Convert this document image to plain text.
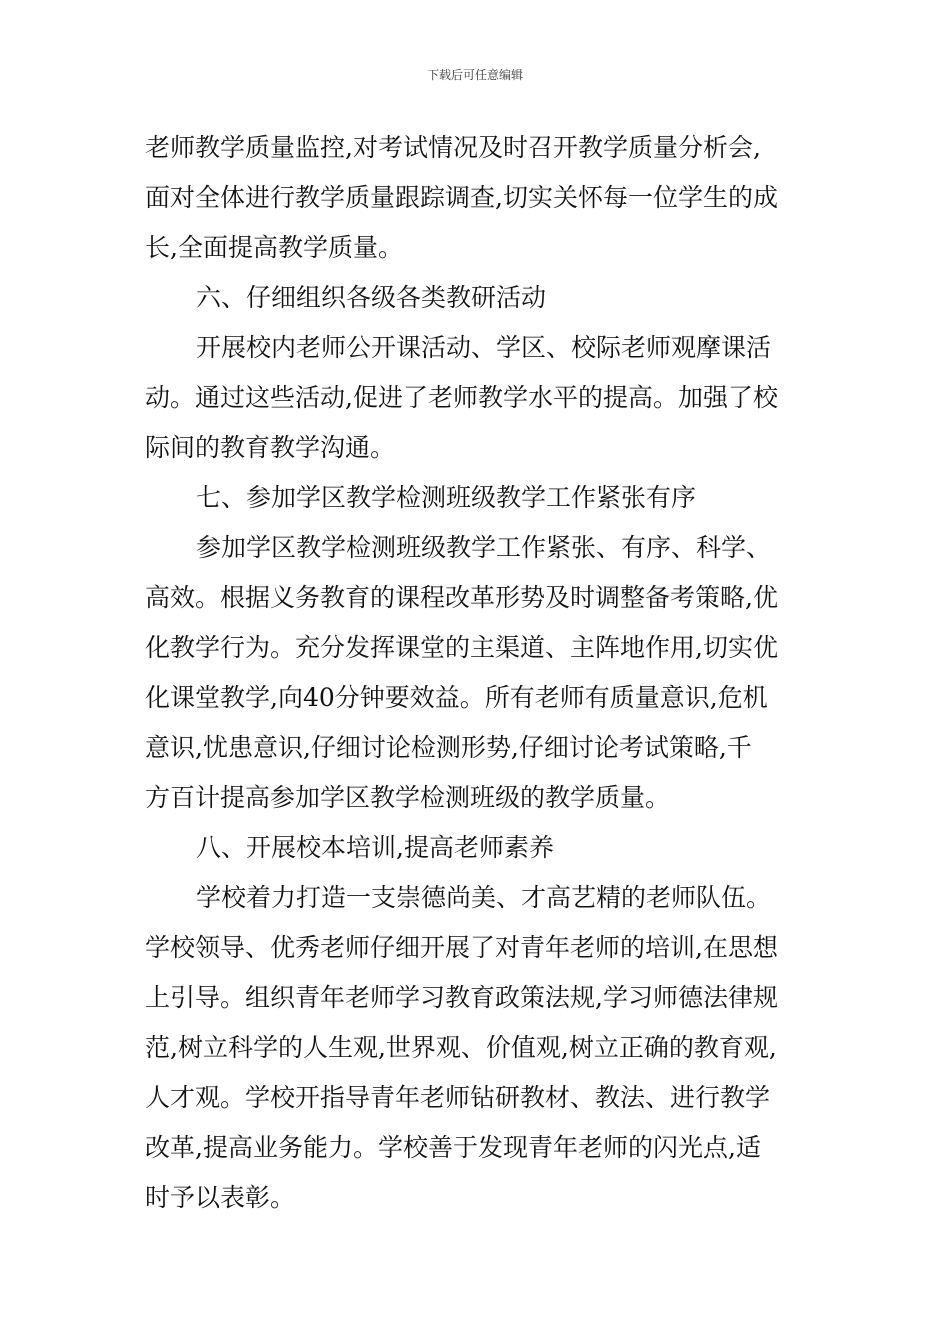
下载后可任意编辑
老师教学质量监控,对考试情况及时召开教学质量分析会,
面对全体进行教学质量跟踪调查,切实关怀每一位学生的成
长,全面提高教学质量。
六、仔细组织各级各类教研活动
开展校内老师公开课活动、学区、校际老师观摩课活
动。通过这些活动,促进了老师教学水平的提高。加强了校
际间的教育教学沟通。
七、参加学区教学检测班级教学工作紧张有序
参加学区教学检测班级教学工作紧张、有序、科学、
高效。根据义务教育的课程改革形势及时调整备考策略,优
化教学行为。充分发挥课堂的主渠道、主阵地作用,切实优
化课堂教学,向40分钟要效益。所有老师有质量意识,危机
意识,忧患意识,仔细讨论检测形势,仔细讨论考试策略,千
方百计提高参加学区教学检测班级的教学质量。
八、开展校本培训,提高老师素养
学校着力打造一支崇德尚美、才高艺精的老师队伍。
学校领导、优秀老师仔细开展了对青年老师的培训,在思想
上引导。组织青年老师学习教育政策法规,学习师德法律规
范,树立科学的人生观,世界观、价值观,树立正确的教育观,
人才观。学校开指导青年老师钻研教材、教法、进行教学
改革,提高业务能力。学校善于发现青年老师的闪光点,适
时予以表彰。
